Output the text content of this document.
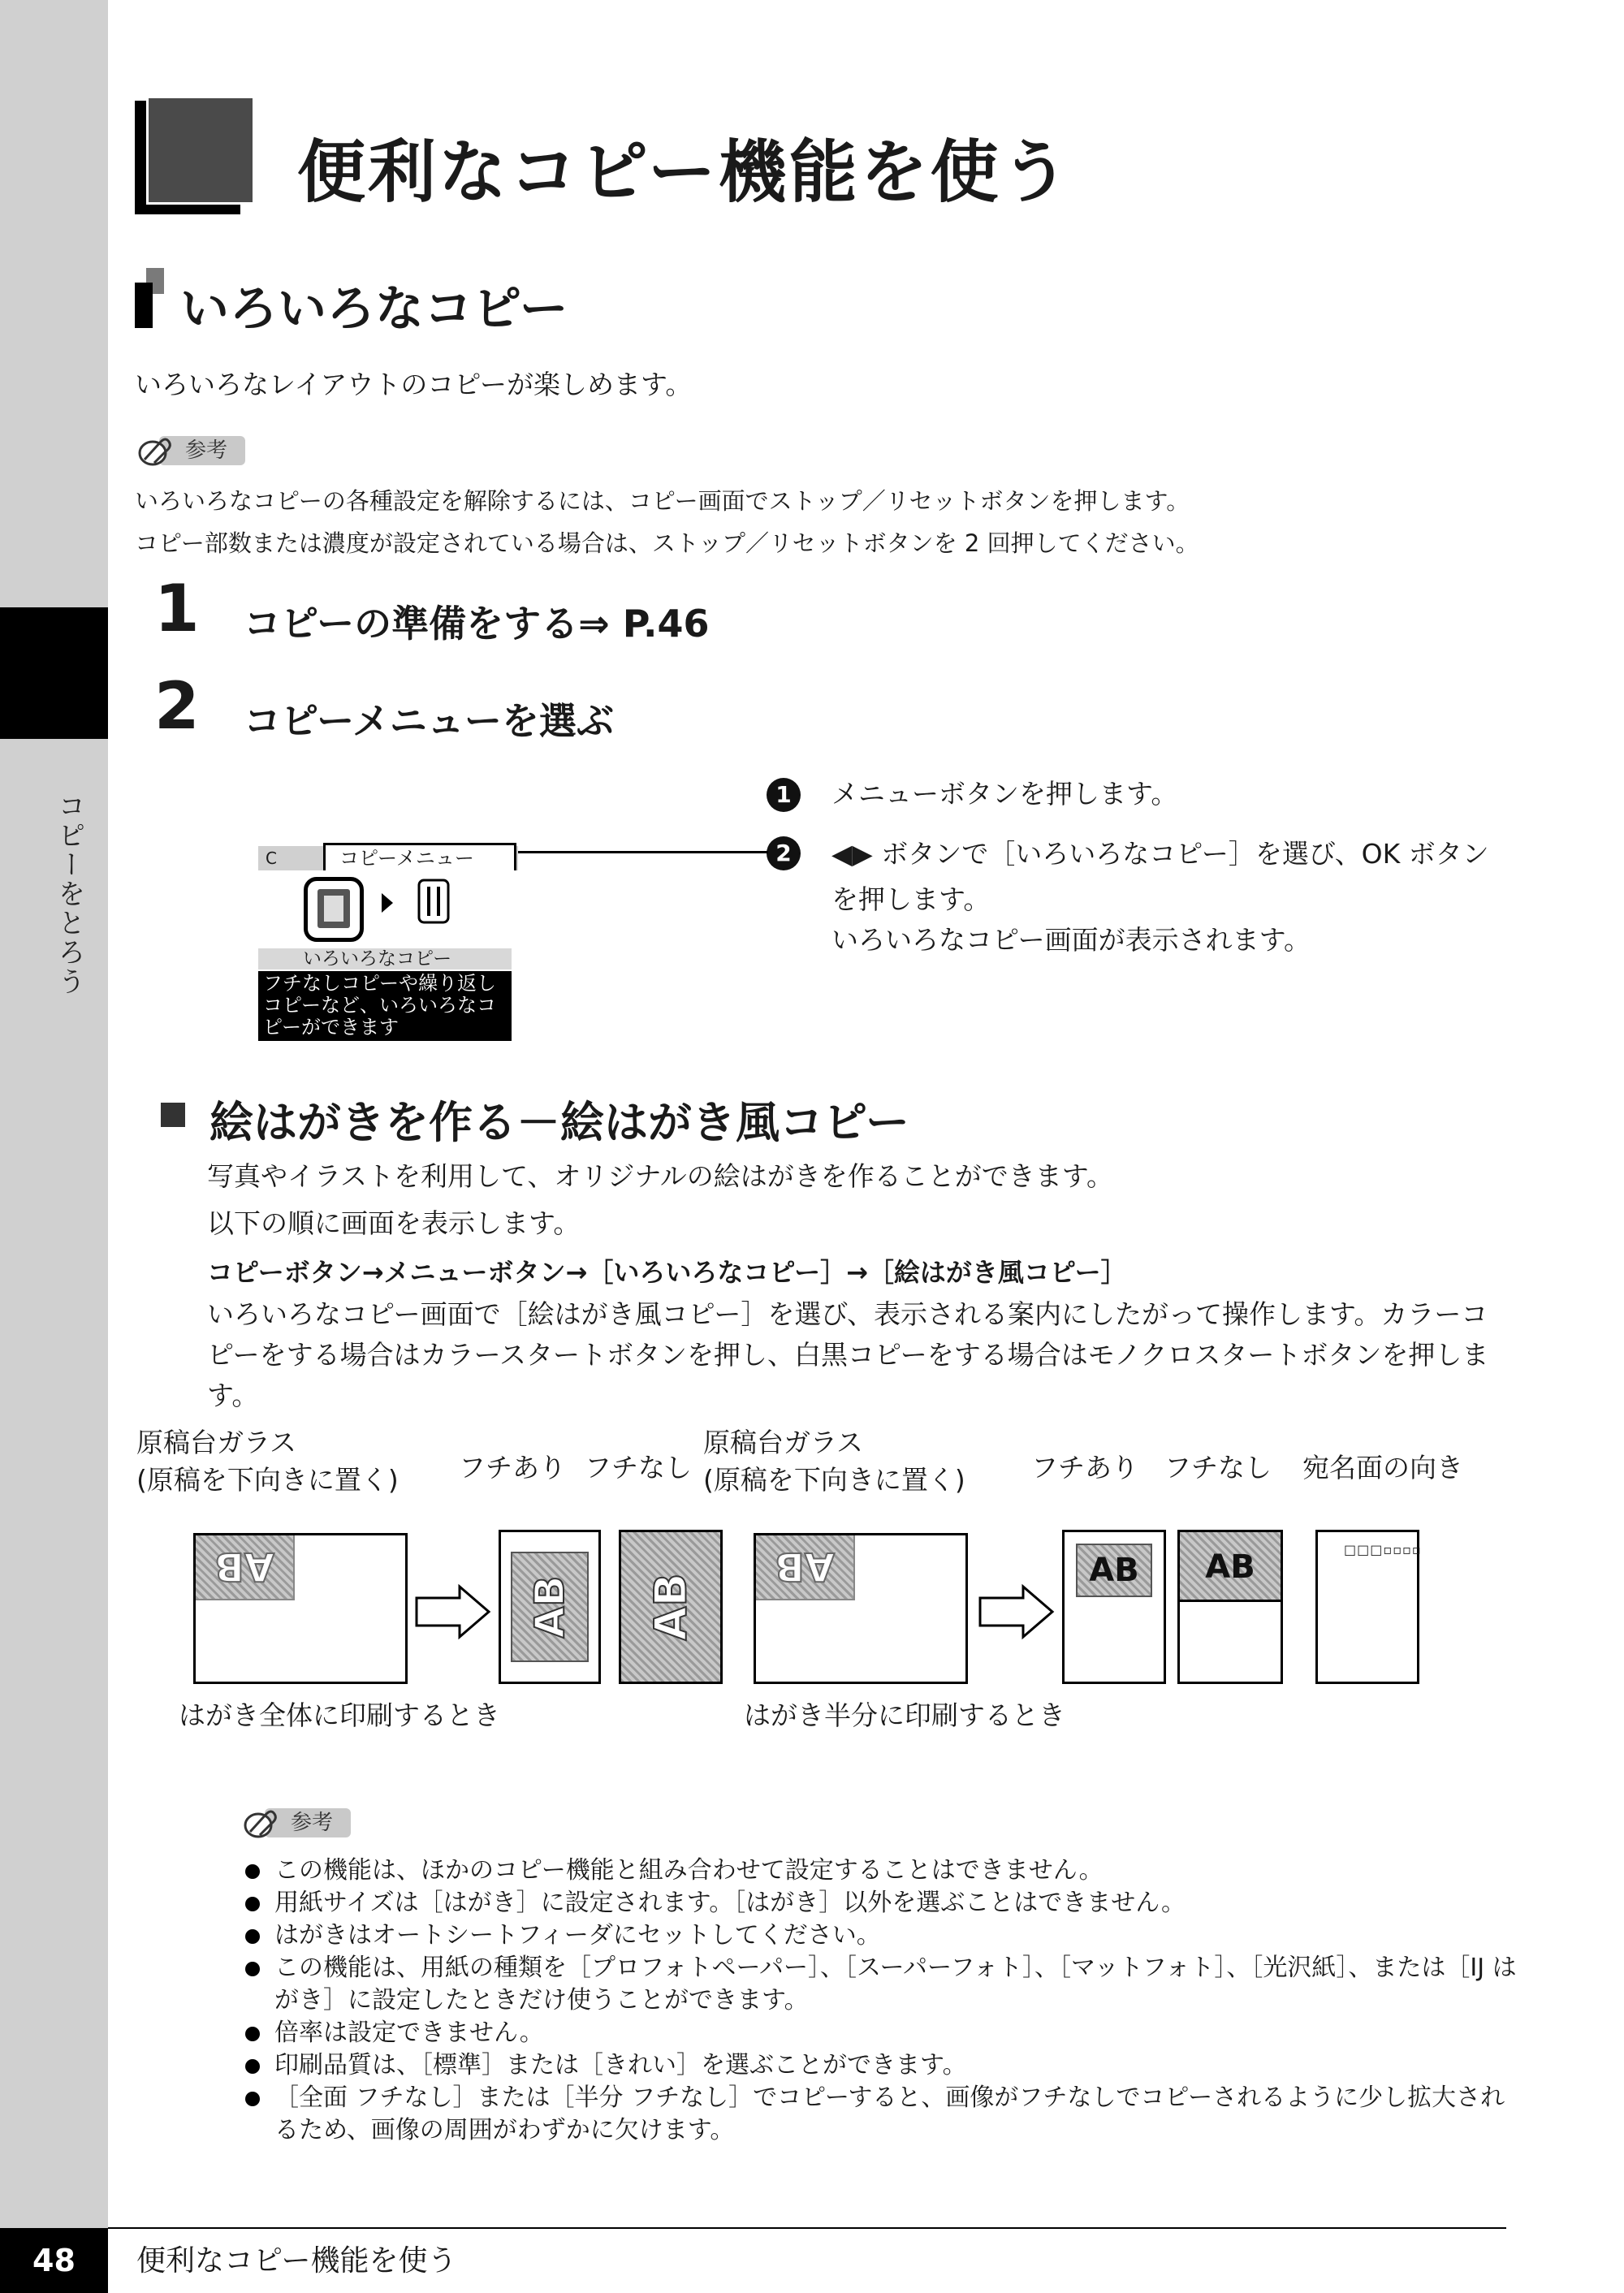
コピーをとろう
便利なコピー機能を使う
いろいろなコピー
いろいろなレイアウトのコピーが楽しめます。
参考
いろいろなコピーの各種設定を解除するには、コピー画面でストップ／リセットボタンを押します。
コピー部数または濃度が設定されている場合は、ストップ／リセットボタンを 2 回押してください。
1 コピーの準備をする⇒ P.46
2 コピーメニューを選ぶ
1	メニューボタンを押します。
2	◀▶ ボタンで［いろいろなコピー］を選び、OK ボタンを押します。
いろいろなコピー画面が表示されます。
C	コピーメニュー
いろいろなコピー
フチなしコピーや繰り返しコピーなど、いろいろなコピーができます
絵はがきを作る－絵はがき風コピー
写真やイラストを利用して、オリジナルの絵はがきを作ることができます。
以下の順に画面を表示します。
コピーボタン→メニューボタン→［いろいろなコピー］→［絵はがき風コピー］
いろいろなコピー画面で［絵はがき風コピー］を選び、表示される案内にしたがって操作します。カラーコピーをする場合はカラースタートボタンを押し、白黒コピーをする場合はモノクロスタートボタンを押します。
原稿台ガラス
(原稿を下向きに置く) フチあり フチなし
原稿台ガラス
(原稿を下向きに置く) フチあり フチなし 宛名面の向き
AB
AB AB
AB	AB	AB	□□□▫▫▫▫
はがき全体に印刷するとき	はがき半分に印刷するとき
参考
この機能は、ほかのコピー機能と組み合わせて設定することはできません。
用紙サイズは［はがき］に設定されます。［はがき］以外を選ぶことはできません。
はがきはオートシートフィーダにセットしてください。
この機能は、用紙の種類を［プロフォトペーパー］、［スーパーフォト］、［マットフォト］、［光沢紙］、または［IJ はがき］に設定したときだけ使うことができます。
倍率は設定できません。
印刷品質は、［標準］または［きれい］を選ぶことができます。
［全面 フチなし］または［半分 フチなし］でコピーすると、画像がフチなしでコピーされるように少し拡大されるため、画像の周囲がわずかに欠けます。
48	便利なコピー機能を使う
